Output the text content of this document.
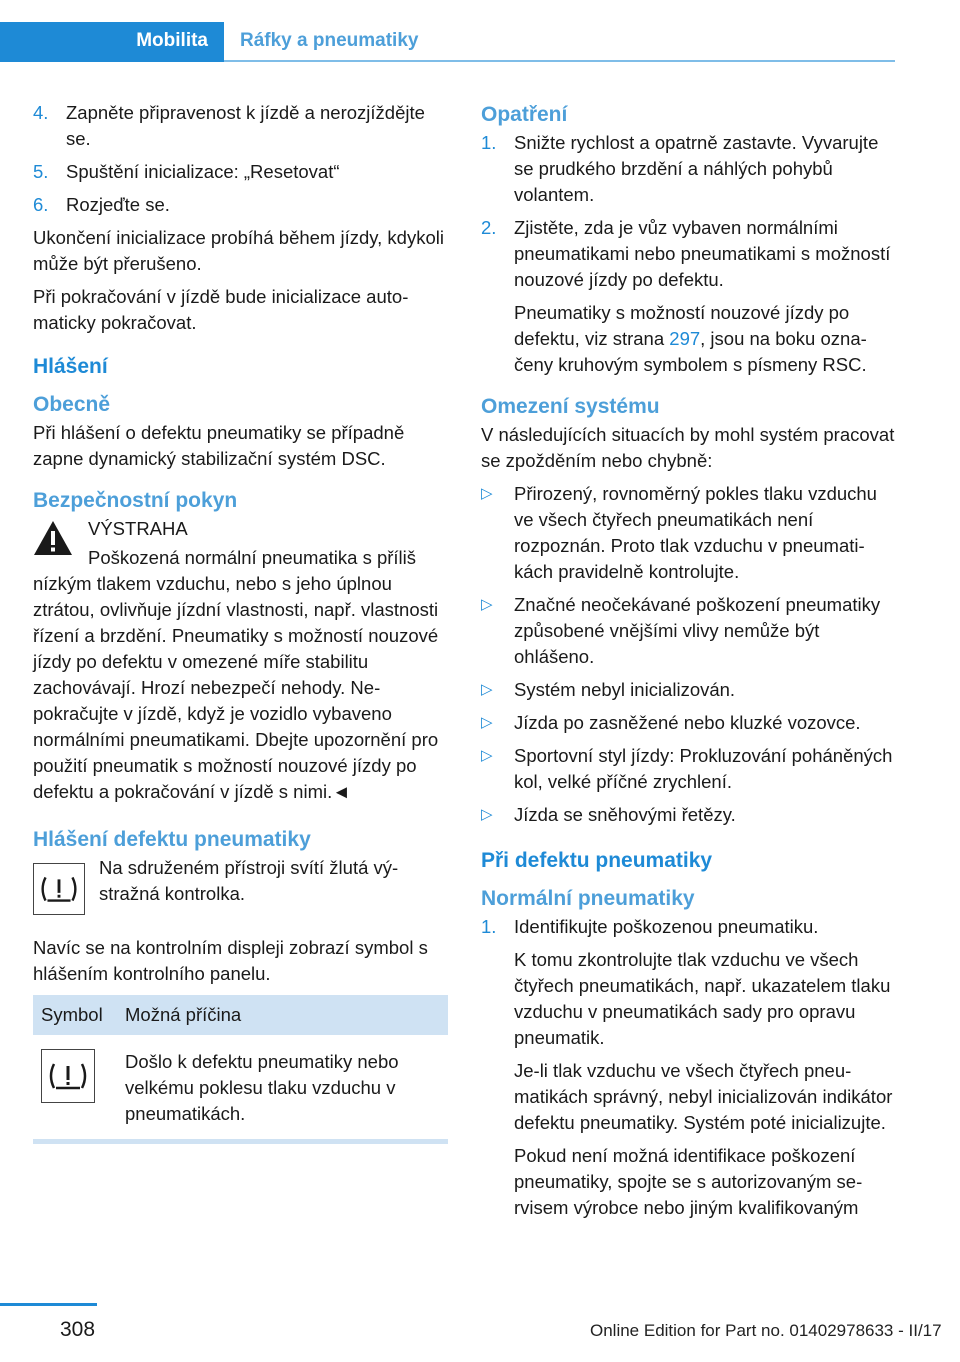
Mobilita Ráfky a pneumatiky
4. Zapněte připravenost k jízdě a nerozjíždějte se.
5. Spuštění inicializace: „Resetovat“
6. Rozjeďte se.

Ukončení inicializace probíhá během jízdy, kdykoli může být přerušeno.

Při pokračování v jízdě bude inicializace automaticky pokračovat.

Hlášení
Obecně

Při hlášení o defektu pneumatiky se případně zapne dynamický stabilizační systém DSC.

Bezpečnostní pokyn
VÝSTRAHA

Poškozená normální pneumatika s příliš nízkým tlakem vzduchu, nebo s jeho úplnou ztrátou, ovlivňuje jízdní vlastnosti, např. vlastnosti řízení a brzdění. Pneumatiky s možností nouzové jízdy po defektu v omezené míře stabilitu zachovávají. Hrozí nebezpečí nehody. Nepokračujte v jízdě, když je vozidlo vybaveno normálními pneumatikami. Dbejte upozornění pro použití pneumatik s možností nouzové jízdy po defektu a pokračování v jízdě s nimi.◄

Hlášení defektu pneumatiky
Na sdruženém přístroji svítí žlutá výstražná kontrolka.

Navíc se na kontrolním displeji zobrazí symbol s hlášením kontrolního panelu.

Symbol	Možná příčina
	Došlo k defektu pneumatiky nebo velkému poklesu tlaku vzduchu v pneumatikách.
Opatření
1. Snižte rychlost a opatrně zastavte. Vyvarujte se prudkého brzdění a náhlých pohybů volantem.
2. Zjistěte, zda je vůz vybaven normálními pneumatikami nebo pneumatikami s možností nouzové jízdy po defektu.
Pneumatiky s možností nouzové jízdy po defektu, viz strana 297, jsou na boku označeny kruhovým symbolem s písmeny RSC.
Omezení systému

V následujících situacích by mohl systém pracovat se zpožděním nebo chybně:

▷ Přirozený, rovnoměrný pokles tlaku vzduchu ve všech čtyřech pneumatikách není rozpoznán. Proto tlak vzduchu v pneumatikách pravidelně kontrolujte.
▷ Značné neočekávané poškození pneumatiky způsobené vnějšími vlivy nemůže být ohlášeno.
▷ Systém nebyl inicializován.
▷ Jízda po zasněžené nebo kluzké vozovce.
▷ Sportovní styl jízdy: Prokluzování poháněných kol, velké příčné zrychlení.
▷ Jízda se sněhovými řetězy.
Při defektu pneumatiky
Normální pneumatiky
1. Identifikujte poškozenou pneumatiku.
K tomu zkontrolujte tlak vzduchu ve všech čtyřech pneumatikách, např. ukazatelem tlaku vzduchu v pneumatikách sady pro opravu pneumatik.
Je-li tlak vzduchu ve všech čtyřech pneumatikách správný, nebyl inicializován indikátor defektu pneumatiky. Systém poté inicializujte.
Pokud není možná identifikace poškození pneumatiky, spojte se s autorizovaným servisem výrobce nebo jiným kvalifikovaným
308	Online Edition for Part no. 01402978633 - II/17
